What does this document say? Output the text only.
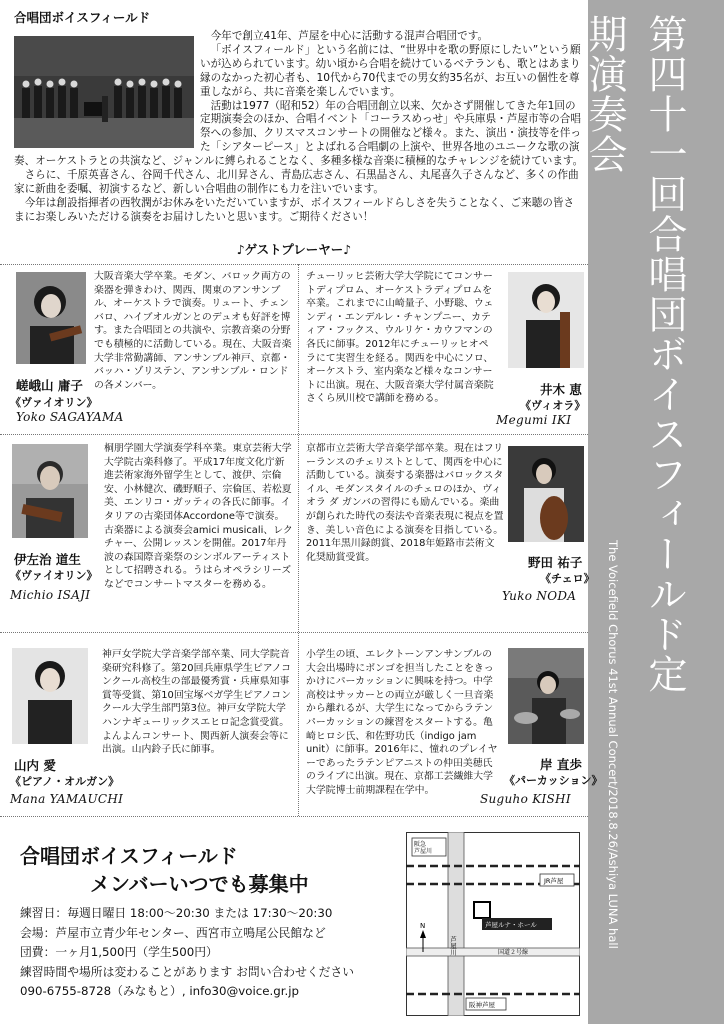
第四十一回合唱団ボイスフィールド定期演奏会
The Voicefield Chorus 41st Annual Concert/2018.8.26/Ashiya LUNA hall
合唱団ボイスフィールド

今年で創立41年、芦屋を中心に活動する混声合唱団です。

「ボイスフィールド」という名前には、“世界中を歌の野原にしたい”という願いが込められています。幼い頃から合唱を続けているベテランも、歌とはあまり縁のなかった初心者も、10代から70代までの男女約35名が、お互いの個性を尊重しながら、共に音楽を楽しんでいます。

活動は1977（昭和52）年の合唱団創立以来、欠かさず開催してきた年1回の定期演奏会のほか、合唱イベント「コーラスめっせ」や兵庫県・芦屋市等の合唱祭への参加、クリスマスコンサートの開催など様々。また、演出・演技等を伴った「シアターピース」とよばれる合唱劇の上演や、世界各地のユニークな歌の演奏、オーケストラとの共演など、ジャンルに縛られることなく、多種多様な音楽に積極的なチャレンジを続けています。

さらに、千原英喜さん、谷岡千代さん、北川昇さん、青島広志さん、石黒晶さん、丸尾喜久子さんなど、多くの作曲家に新曲を委嘱、初演するなど、新しい合唱曲の制作にも力を注いでいます。

今年は創設指揮者の西牧潤がお休みをいただいていますが、ボイスフィールドらしさを失うことなく、ご来聴の皆さまにお楽しみいただける演奏をお届けしたいと思います。ご期待ください！

♪ゲストプレーヤー♪
大阪音楽大学卒業。モダン、バロック両方の楽器を弾きわけ、関西、関東のアンサンブル、オーケストラで演奏。リュート、チェンバロ、ハイブオルガンとのデュオも好評を博す。また合唱団との共演や、宗教音楽の分野でも積極的に活動している。現在、大阪音楽大学非常勤講師、アンサンブル神戸、京都・バッハ・ゾリステン、アンサンブル・ロンドの各メンバー。
嵯峨山 庸子
《ヴァイオリン》
Yoko SAGAYAMA
チューリッヒ芸術大学大学院にてコンサートディプロム、オーケストラディプロムを卒業。これまでに山崎量子、小野聡、ウェンディ・エンデルレ・チャンプニー、カティア・フックス、ウルリケ・カウフマンの各氏に師事。2012年にチューリッヒオペラにて実習生を経る。関西を中心にソロ、オーケストラ、室内楽など様々なコンサートに出演。現在、大阪音楽大学付属音楽院さくら夙川校で講師を務める。
井木 恵
《ヴィオラ》
Megumi IKI
桐朋学園大学演奏学科卒業。東京芸術大学大学院古楽科修了。平成17年度文化庁新進芸術家海外留学生として、渡伊、宗倫安、小林健次、磯野順子、宗倫匡、若松夏美、エンリコ・ガッティの各氏に師事。イタリアの古楽団体Accordone等で演奏。古楽器による演奏会amici musicali、レクチャー、公開レッスンを開催。2017年丹波の森国際音楽祭のシンボルアーティストとして招聘される。うはらオペラシリーズなどでコンサートマスターを務める。
伊左治 道生
《ヴァイオリン》
Michio ISAJI
京都市立芸術大学音楽学部卒業。現在はフリーランスのチェリストとして、関西を中心に活動している。演奏する楽器はバロックスタイル、モダンスタイルのチェロのほか、ヴィオラ ダ ガンバの習得にも励んでいる。楽曲が創られた時代の奏法や音楽表現に視点を置き、美しい音色による演奏を目指している。2011年黒川録朗賞、2018年姫路市芸術文化奨励賞受賞。	野田 祐子
《チェロ》
Yuko NODA
神戸女学院大学音楽学部卒業、同大学院音楽研究科修了。第20回兵庫県学生ピアノコンクール高校生の部最優秀賞・兵庫県知事賞等受賞、第10回宝塚ベガ学生ピアノコンクール大学生部門第3位。神戸女学院大学ハンナギューリックスエヒロ記念賞受賞。よんよんコンサート、関西新人演奏会等に出演。山内鈴子氏に師事。
山内 愛
《ピアノ・オルガン》
Mana YAMAUCHI
小学生の頃、エレクトーンアンサンブルの大会出場時にボンゴを担当したことをきっかけにパーカッションに興味を持つ。中学高校はサッカーとの両立が厳しく一旦音楽から離れるが、大学生になってからラテンパーカッションの練習をスタートする。亀崎ヒロシ氏、和佐野功氏（indigo jam unit）に師事。2016年に、憧れのプレイヤーであったラテンピアニストの仲田美穂氏のライブに出演。現在、京都工芸繊維大学大学院博士前期課程在学中。
岸 直歩
《パーカッション》
Suguho KISHI
合唱団ボイスフィールド
メンバーいつでも募集中
練習日：毎週日曜日 18:00〜20:30 または 17:30〜20:30
会場：芦屋市立青少年センター、西宮市立鳴尾公民館など
団費：一ヶ月1,500円（学生500円）
練習時間や場所は変わることがあります お問い合わせください
090-6755-8728（みなもと）, info30@voice.gr.jp
阪急芦屋川
JR芦屋
芦屋ルナ・ホール
国道２号線
阪神芦屋
芦屋川
N
